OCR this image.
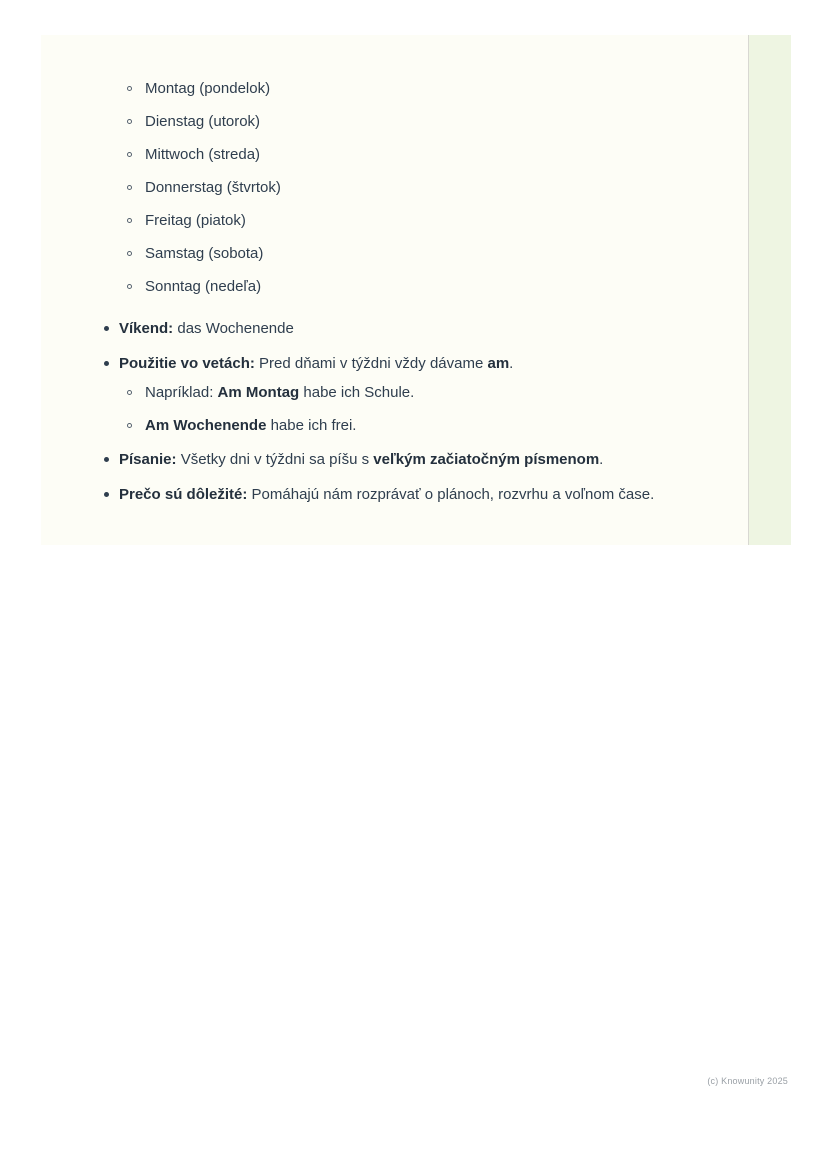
Montag (pondelok)
Dienstag (utorok)
Mittwoch (streda)
Donnerstag (štvrtok)
Freitag (piatok)
Samstag (sobota)
Sonntag (nedeľa)
Víkend: das Wochenende
Použitie vo vetách: Pred dňami v týždni vždy dávame am.
Napríklad: Am Montag habe ich Schule.
Am Wochenende habe ich frei.
Písanie: Všetky dni v týždni sa píšu s veľkým začiatočným písmenom.
Prečo sú dôležité: Pomáhajú nám rozprávať o plánoch, rozvrhu a voľnom čase.
(c) Knowunity 2025
